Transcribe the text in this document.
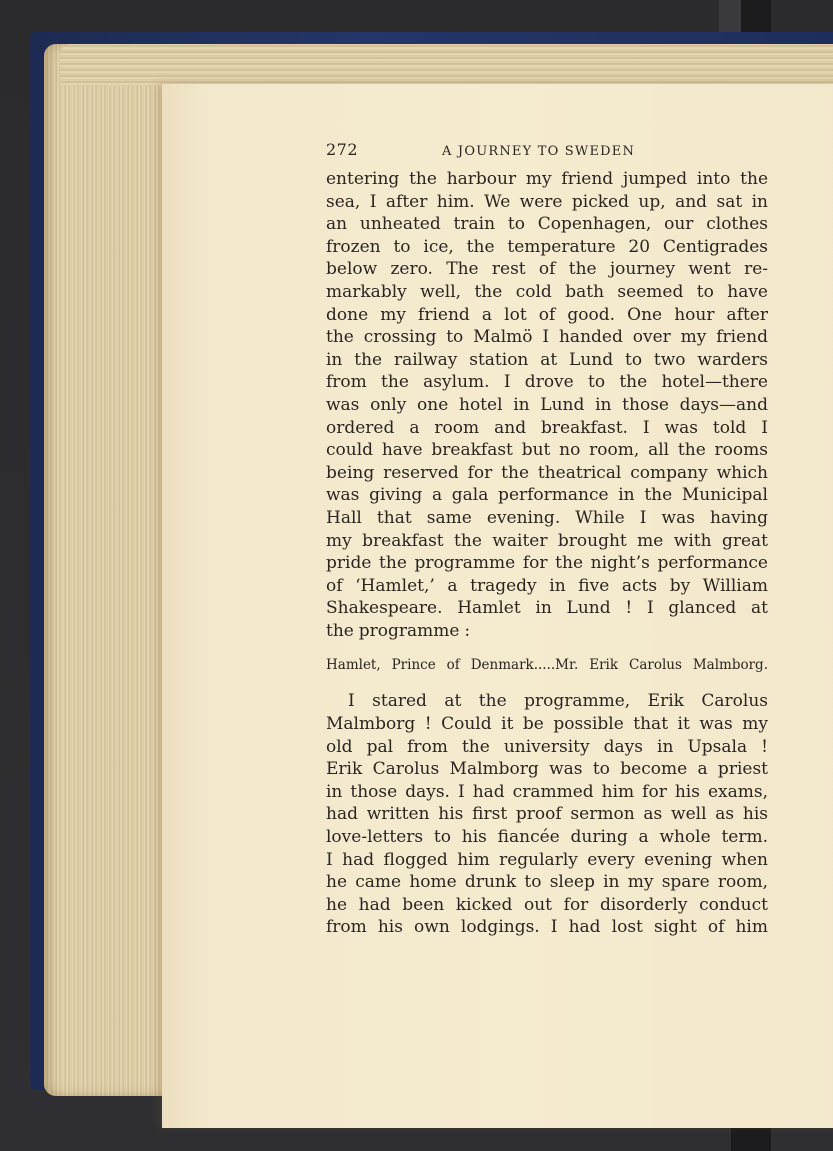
272	A JOURNEY TO SWEDEN

entering the harbour my friend jumped into the

sea, I after him. We were picked up, and sat in

an unheated train to Copenhagen, our clothes

frozen to ice, the temperature 20 Centigrades

below zero. The rest of the journey went re-

markably well, the cold bath seemed to have

done my friend a lot of good. One hour after

the crossing to Malmö I handed over my friend

in the railway station at Lund to two warders

from the asylum. I drove to the hotel—there

was only one hotel in Lund in those days—and

ordered a room and breakfast. I was told I

could have breakfast but no room, all the rooms

being reserved for the theatrical company which

was giving a gala performance in the Municipal

Hall that same evening. While I was having

my breakfast the waiter brought me with great

pride the programme for the night’s performance

of ‘Hamlet,’ a tragedy in five acts by William

Shakespeare. Hamlet in Lund ! I glanced at

the programme :

Hamlet, Prince of Denmark.....Mr. Erik Carolus Malmborg.

I stared at the programme, Erik Carolus

Malmborg ! Could it be possible that it was my

old pal from the university days in Upsala !

Erik Carolus Malmborg was to become a priest

in those days. I had crammed him for his exams,

had written his first proof sermon as well as his

love-letters to his fiancée during a whole term.

I had flogged him regularly every evening when

he came home drunk to sleep in my spare room,

he had been kicked out for disorderly conduct

from his own lodgings. I had lost sight of him
